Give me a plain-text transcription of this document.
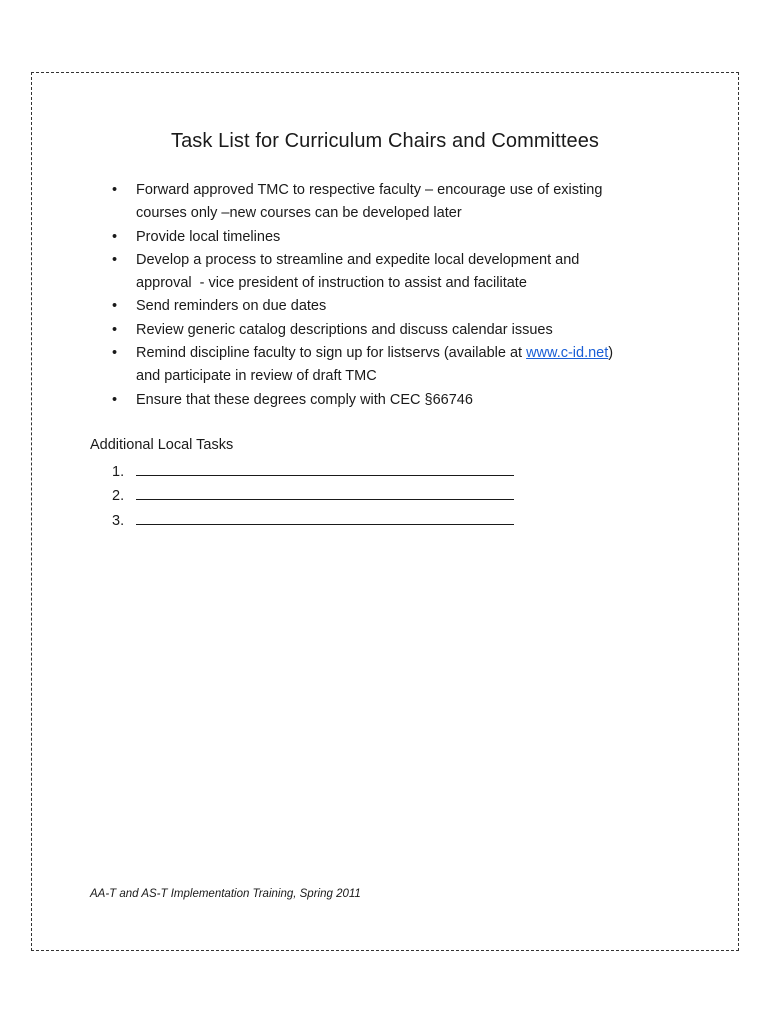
Task List for Curriculum Chairs and Committees
• Forward approved TMC to respective faculty – encourage use of existing
courses only –new courses can be developed later
• Provide local timelines
• Develop a process to streamline and expedite local development and
approval  - vice president of instruction to assist and facilitate
• Send reminders on due dates
• Review generic catalog descriptions and discuss calendar issues
• Remind discipline faculty to sign up for listservs (available at www.c-id.net)
and participate in review of draft TMC
• Ensure that these degrees comply with CEC §66746
Additional Local Tasks
1.
2.
3.

AA-T and AS-T Implementation Training, Spring 2011
